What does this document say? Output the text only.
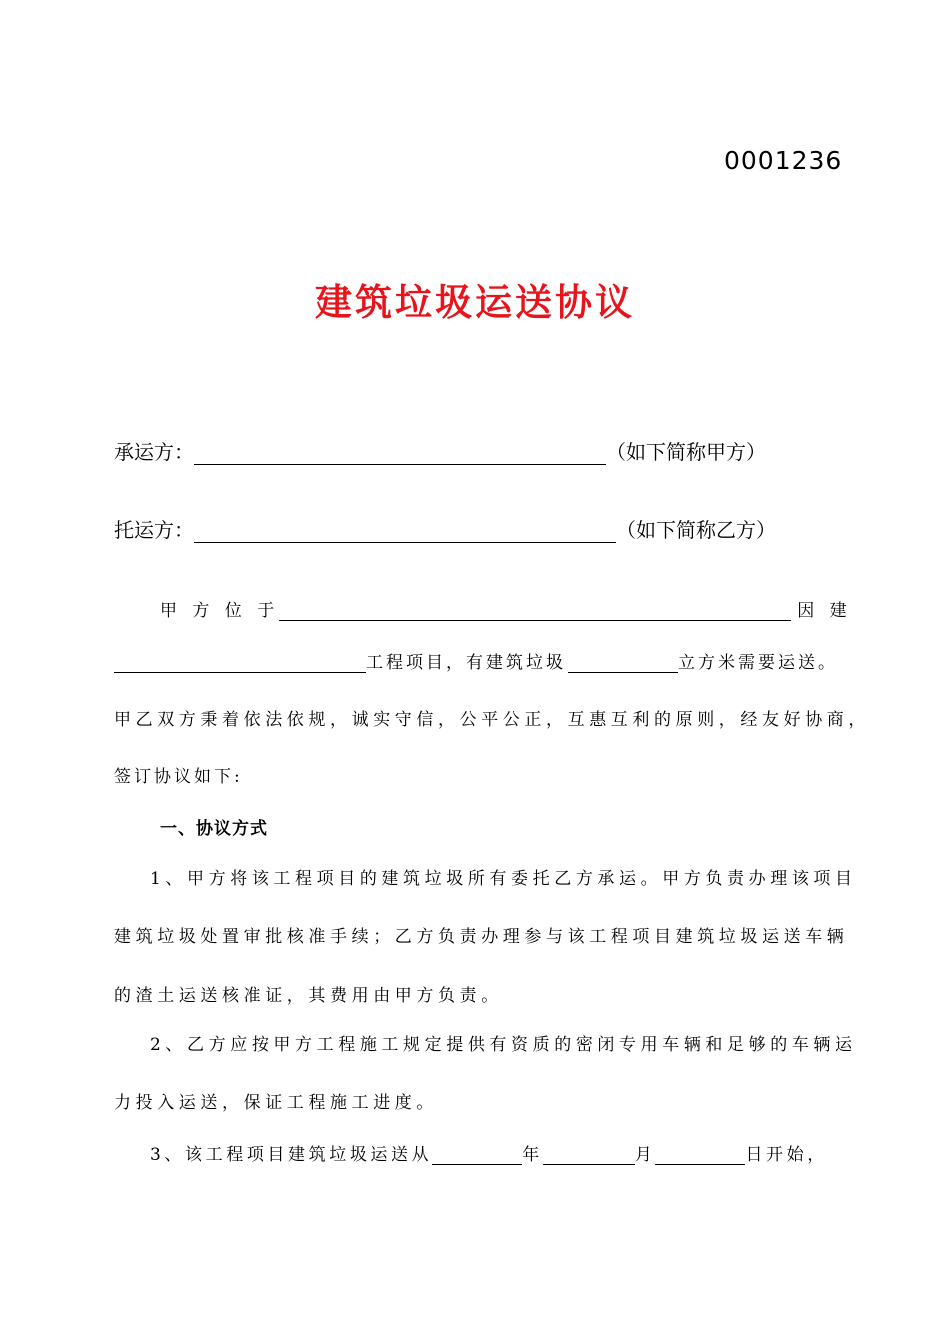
0001236
建筑垃圾运送协议
承运方：	（如下简称甲方）
托运方：	（如下简称乙方）
甲 方 位 于	因 建
工程项目，有建筑垃圾	立方米需要运送。
甲乙双方秉着依法依规，诚实守信，公平公正，互惠互利的原则，经友好协商，
签订协议如下:
一、协议方式
1、甲方将该工程项目的建筑垃圾所有委托乙方承运。甲方负责办理该项目
建筑垃圾处置审批核准手续；乙方负责办理参与该工程项目建筑垃圾运送车辆
的渣土运送核准证，其费用由甲方负责。
2、乙方应按甲方工程施工规定提供有资质的密闭专用车辆和足够的车辆运
力投入运送，保证工程施工进度。
3、该工程项目建筑垃圾运送从	年	月	日开始，
